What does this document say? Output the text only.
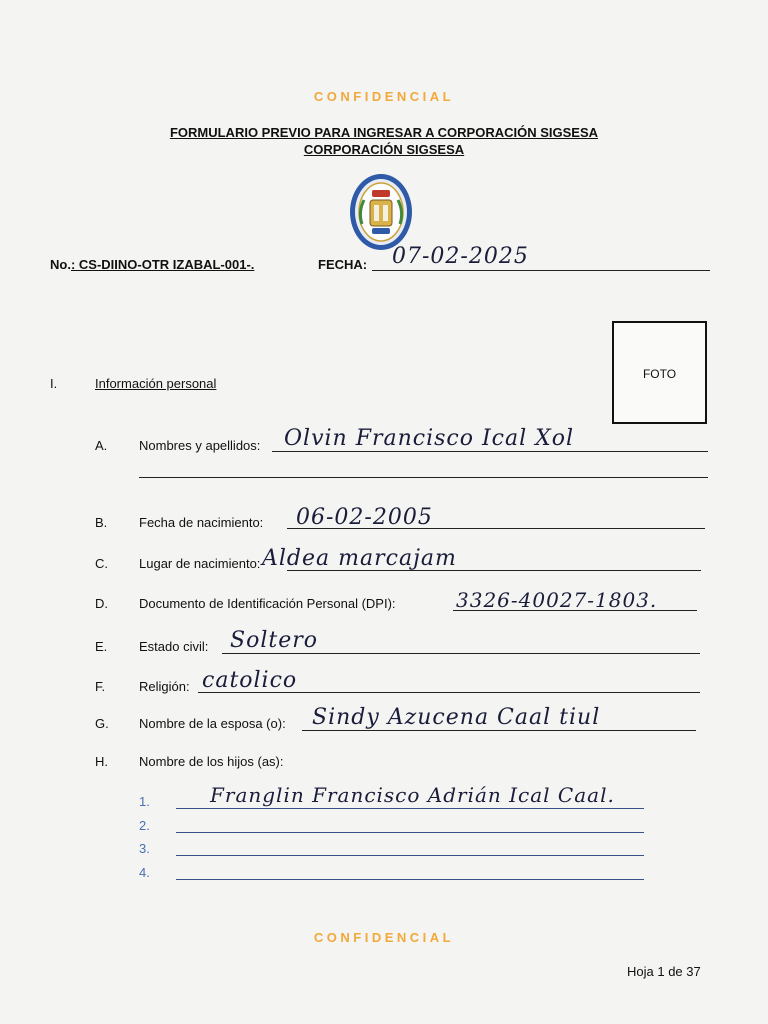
CONFIDENCIAL
FORMULARIO PREVIO PARA INGRESAR A CORPORACIÓN SIGSESA
CORPORACIÓN SIGSESA
No.: CS-DIINO-OTR IZABAL-001-.	FECHA: 07-02-2025
FOTO
I.	Información personal
A. Nombres y apellidos: Olvin Francisco Ical Xol
B. Fecha de nacimiento: 06-02-2005
C. Lugar de nacimiento: Aldea marcajam
D. Documento de Identificación Personal (DPI):	3326-40027-1803.
E. Estado civil: Soltero
F.	Religión: catolico
G. Nombre de la esposa (o): Sindy Azucena Caal tiul
H. Nombre de los hijos (as):
1.	Franglin Francisco Adrián Ical Caal.
2.
3.
4.
CONFIDENCIAL
Hoja 1 de 37
